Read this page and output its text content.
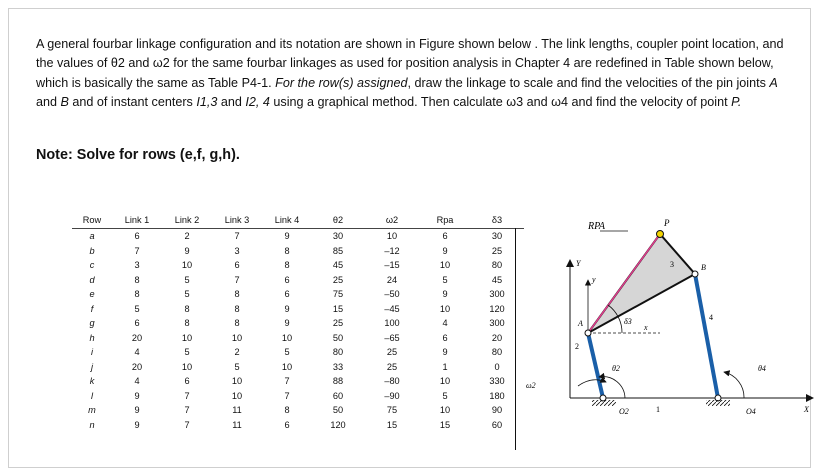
A general fourbar linkage configuration and its notation are shown in Figure shown below . The link lengths, coupler point location, and the values of θ2 and ω2 for the same fourbar linkages as used for position analysis in Chapter 4 are redefined in Table shown below, which is basically the same as Table P4-1. For the row(s) assigned, draw the linkage to scale and find the velocities of the pin joints A and B and of instant centers I1,3 and I2, 4 using a graphical method. Then calculate ω3 and ω4 and find the velocity of point P.

Note: Solve for rows (e,f, g,h).
Row	Link 1	Link 2	Link 3	Link 4	θ2	ω2	Rpa	δ3
a	6	2	7	9	30	10	6	30
b	7	9	3	8	85	–12	9	25
c	3	10	6	8	45	–15	10	80
d	8	5	7	6	25	24	5	45
e	8	5	8	6	75	–50	9	300
f	5	8	8	9	15	–45	10	120
g	6	8	8	9	25	100	4	300
h	20	10	10	10	50	–65	6	20
i	4	5	2	5	80	25	9	80
j	20	10	5	10	33	25	1	0
k	4	6	10	7	88	–80	10	330
l	9	7	10	7	60	–90	5	180
m	9	7	11	8	50	75	10	90
n	9	7	11	6	120	15	15	60
RPA	P
Y
y
B
3
A	δ3
x
4
2
θ2	θ4
ω2
1
O2	O4	X
